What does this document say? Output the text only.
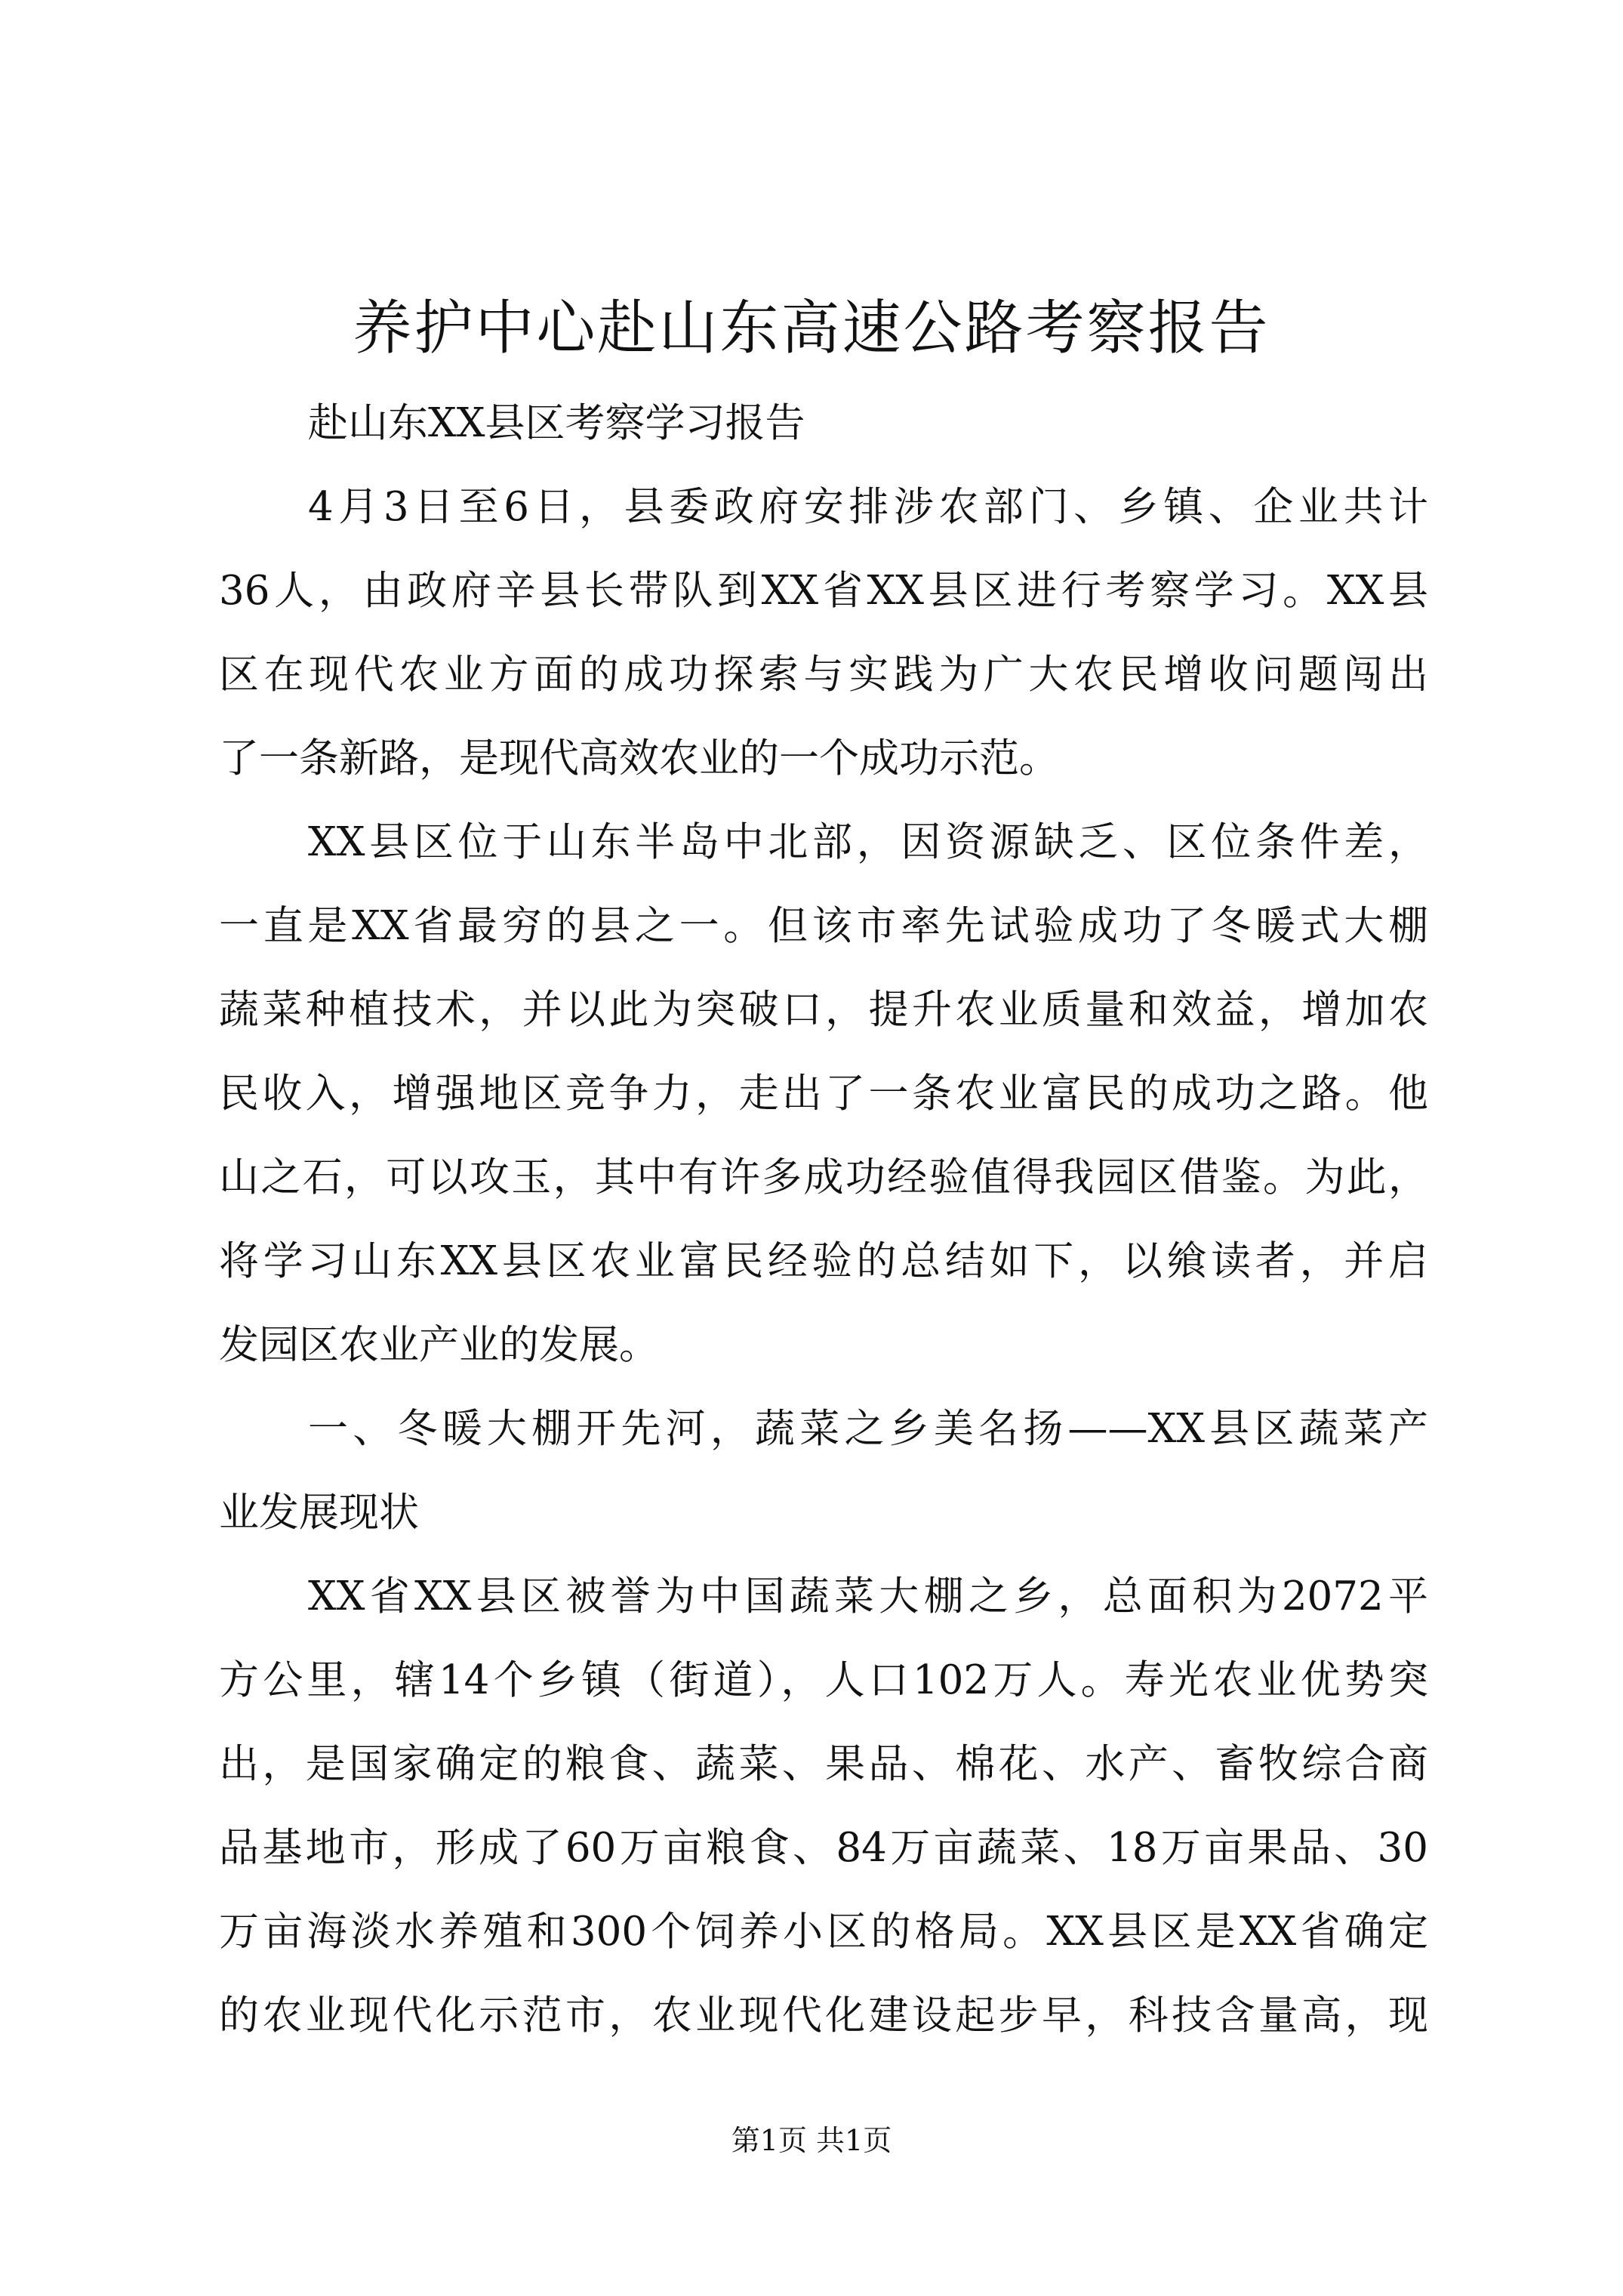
养护中心赴山东高速公路考察报告
赴山东XX县区考察学习报告
4月3日至6日，县委政府安排涉农部门、乡镇、企业共计
36人，由政府辛县长带队到XX省XX县区进行考察学习。XX县
区在现代农业方面的成功探索与实践为广大农民增收问题闯出
了一条新路，是现代高效农业的一个成功示范。
XX县区位于山东半岛中北部，因资源缺乏、区位条件差，
一直是XX省最穷的县之一。但该市率先试验成功了冬暖式大棚
蔬菜种植技术，并以此为突破口，提升农业质量和效益，增加农
民收入，增强地区竞争力，走出了一条农业富民的成功之路。他
山之石，可以攻玉，其中有许多成功经验值得我园区借鉴。为此，
将学习山东XX县区农业富民经验的总结如下，以飨读者，并启
发园区农业产业的发展。
一、冬暖大棚开先河，蔬菜之乡美名扬——XX县区蔬菜产
业发展现状
XX省XX县区被誉为中国蔬菜大棚之乡，总面积为2072平
方公里，辖14个乡镇（街道），人口102万人。寿光农业优势突
出，是国家确定的粮食、蔬菜、果品、棉花、水产、畜牧综合商
品基地市，形成了60万亩粮食、84万亩蔬菜、18万亩果品、30
万亩海淡水养殖和300个饲养小区的格局。XX县区是XX省确定
的农业现代化示范市，农业现代化建设起步早，科技含量高，现
第1页 共1页
